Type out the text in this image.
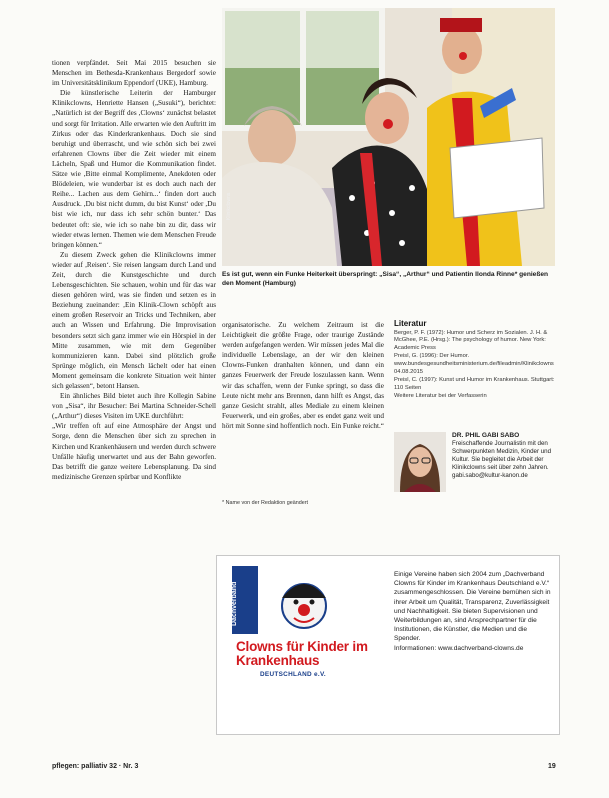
tionen verpfändet. Seit Mai 2015 besuchen sie Menschen im Bethesda-Krankenhaus Bergedorf sowie im Universitätsklinikum Eppendorf (UKE), Hamburg.

Die künstlerische Leiterin der Hamburger Klinikclowns, Henriette Hansen („Susuki“), berichtet: „Natürlich ist der Begriff des ,Clowns‘ zunächst belastet und sorgt für Irritation. Alle erwarten wie den Auftritt im Zirkus oder das Kinderkrankenhaus. Doch sie sind beruhigt und überrascht, und wie schön sich bei zwei erfahrenen Clowns über die Zeit wieder mit einem Lächeln, Spaß und Humor die Kommunikation findet. Sätze wie ,Bitte einmal Komplimente, Anekdoten oder Blödeleien, wie wunderbar ist es doch auch nach der Reihe... Lachen aus dem Gehirn...‘ finden dort auch Ausdruck. ,Du bist nicht dumm, du bist Kunst‘ oder ,Du bist wie ich, nur dass ich sehr schön bunter.‘ Das bedeutet oft: sie, wie ich so nahe bin zu dir, dass wir wieder etwas lernen. Themen wie dem Menschen Freude bringen können.“

Zu diesem Zweck gehen die Klinikclowns immer wieder auf ,Reisen‘. Sie reisen langsam durch Land und Zeit, durch die Kunstgeschichte und durch Lebensgeschichten. Sie schauen, wohin und für das war diesen gehören wird, was sie finden und setzen es in Beziehung zueinander: ,Ein Klinik-Clown schöpft aus einem großen Reservoir an Tricks und Techniken, aber auch an Wissen und Erfahrung. Die Improvisation besonders setzt sich ganz immer wie ein Hörspiel in der Mitte zusammen, wie mit dem Gegenüber kommunizieren kann. Dabei sind plötzlich große Sprünge möglich, ein Mensch lächelt oder hat einen Moment gemeinsam die konkrete Situation weit hinter sich gelassen“, betont Hansen.

Ein ähnliches Bild bietet auch ihre Kollegin Sabine von „Sisa“, ihr Besucher: Bei Martina Schneider-Schell („Arthur“) dieses Visiten im UKE durchführt:

„Wir treffen oft auf eine Atmosphäre der Angst und Sorge, denn die Menschen über sich zu sprechen in Kirchen und Krankenhäusern und werden durch schwere Unfälle häufig unerwartet und aus der Bahn geworfen. Das betrifft die ganze weitere Lebensplanung. Da sind medizinische Grenzen spürbar und Konflikte

Klinikclowns
Es ist gut, wenn ein Funke Heiterkeit überspringt: „Sisa“, „Arthur“ und Patientin Ilonda Rinne* genießen den Moment (Hamburg)
organisatorische. Zu welchem Zeitraum ist die Leichtigkeit die größte Frage, oder traurige Zustände werden aufgefangen werden. Wir müssen jedes Mal die individuelle Lebenslage, an der wir den kleinen Clowns-Funken dranhalten können, und dann ein ganzes Feuerwerk der Freude loszulassen kann. Wenn wir das schaffen, wenn der Funke springt, so dass die Leute nicht mehr ans Brennen, dann hilft es Angst, das ganze Gesicht strahlt, alles Mediale zu einem kleinen Feuerwerk, und ein großes, aber es endet ganz weit und hört mit Sonne sind hoffentlich noch. Ein Funke reicht.“
* Name von der Redaktion geändert
Literatur
Berger, P. F. (1972): Humor und Scherz im Sozialen. J. H. & McGhee, P.E. (Hrsg.): The psychology of humor. New York: Academic Press
Preisl, G. (1996): Der Humor. www.bundesgesundheitsministerium.de/fileadmin/Klinikclowns 04.08.2015
Preisl, C. (1997): Kunst und Humor im Krankenhaus. Stuttgart: 110 Seiten
Weitere Literatur bei der Verfasserin
DR. PHIL GABI SABO
Freischaffende Journalistin mit den Schwerpunkten Medizin, Kinder und Kultur. Sie begleitet die Arbeit der Klinikclowns seit über zehn Jahren.
gabi.sabo@kultur-kanon.de
Dachverband
Clowns für Kinder im Krankenhaus
DEUTSCHLAND e.V.
Einige Vereine haben sich 2004 zum „Dachverband Clowns für Kinder im Krankenhaus Deutschland e.V.“ zusammengeschlossen. Die Vereine bemühen sich in ihrer Arbeit um Qualität, Transparenz, Zuverlässigkeit und Nachhaltigkeit. Sie bieten Supervisionen und Weiterbildungen an, sind Ansprechpartner für die Institutionen, die Künstler, die Medien und die Spender.
Informationen: www.dachverband-clowns.de
pflegen: palliativ 32 · Nr. 3	19
